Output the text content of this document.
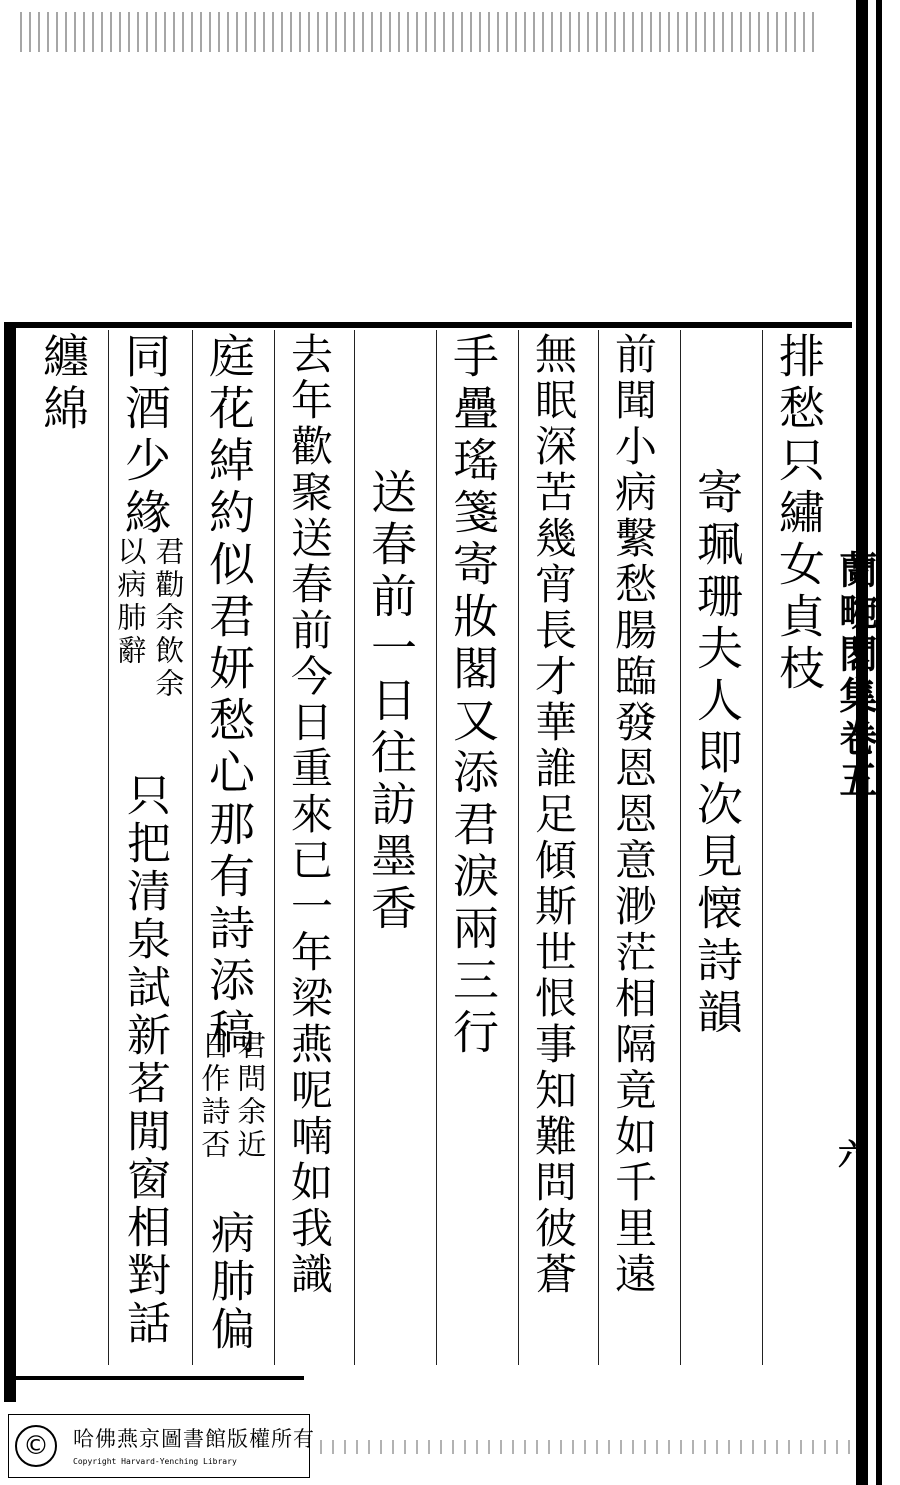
排愁只繡女貞枝
寄珮珊夫人即次見懐詩韻
前聞小病繫愁腸臨發恩恩意渺茫相隔竟如千里遠
無眠深苦幾宵長才華誰足傾斯世恨事知難問彼蒼
手疊瑤箋寄妝閣又添君淚兩三行
送春前一日往訪墨香
去年歡聚送春前今日重來已一年梁燕呢喃如我識
庭花綽約似君妍愁心那有詩添稿
君問余近
日作詩否
病肺偏
同酒少緣
君勸余飲余
以病肺辭
只把清泉試新茗閒窗相對話
纏綿
蘭畹閣集卷五
六
©	哈佛燕京圖書館版權所有
Copyright Harvard-Yenching Library
